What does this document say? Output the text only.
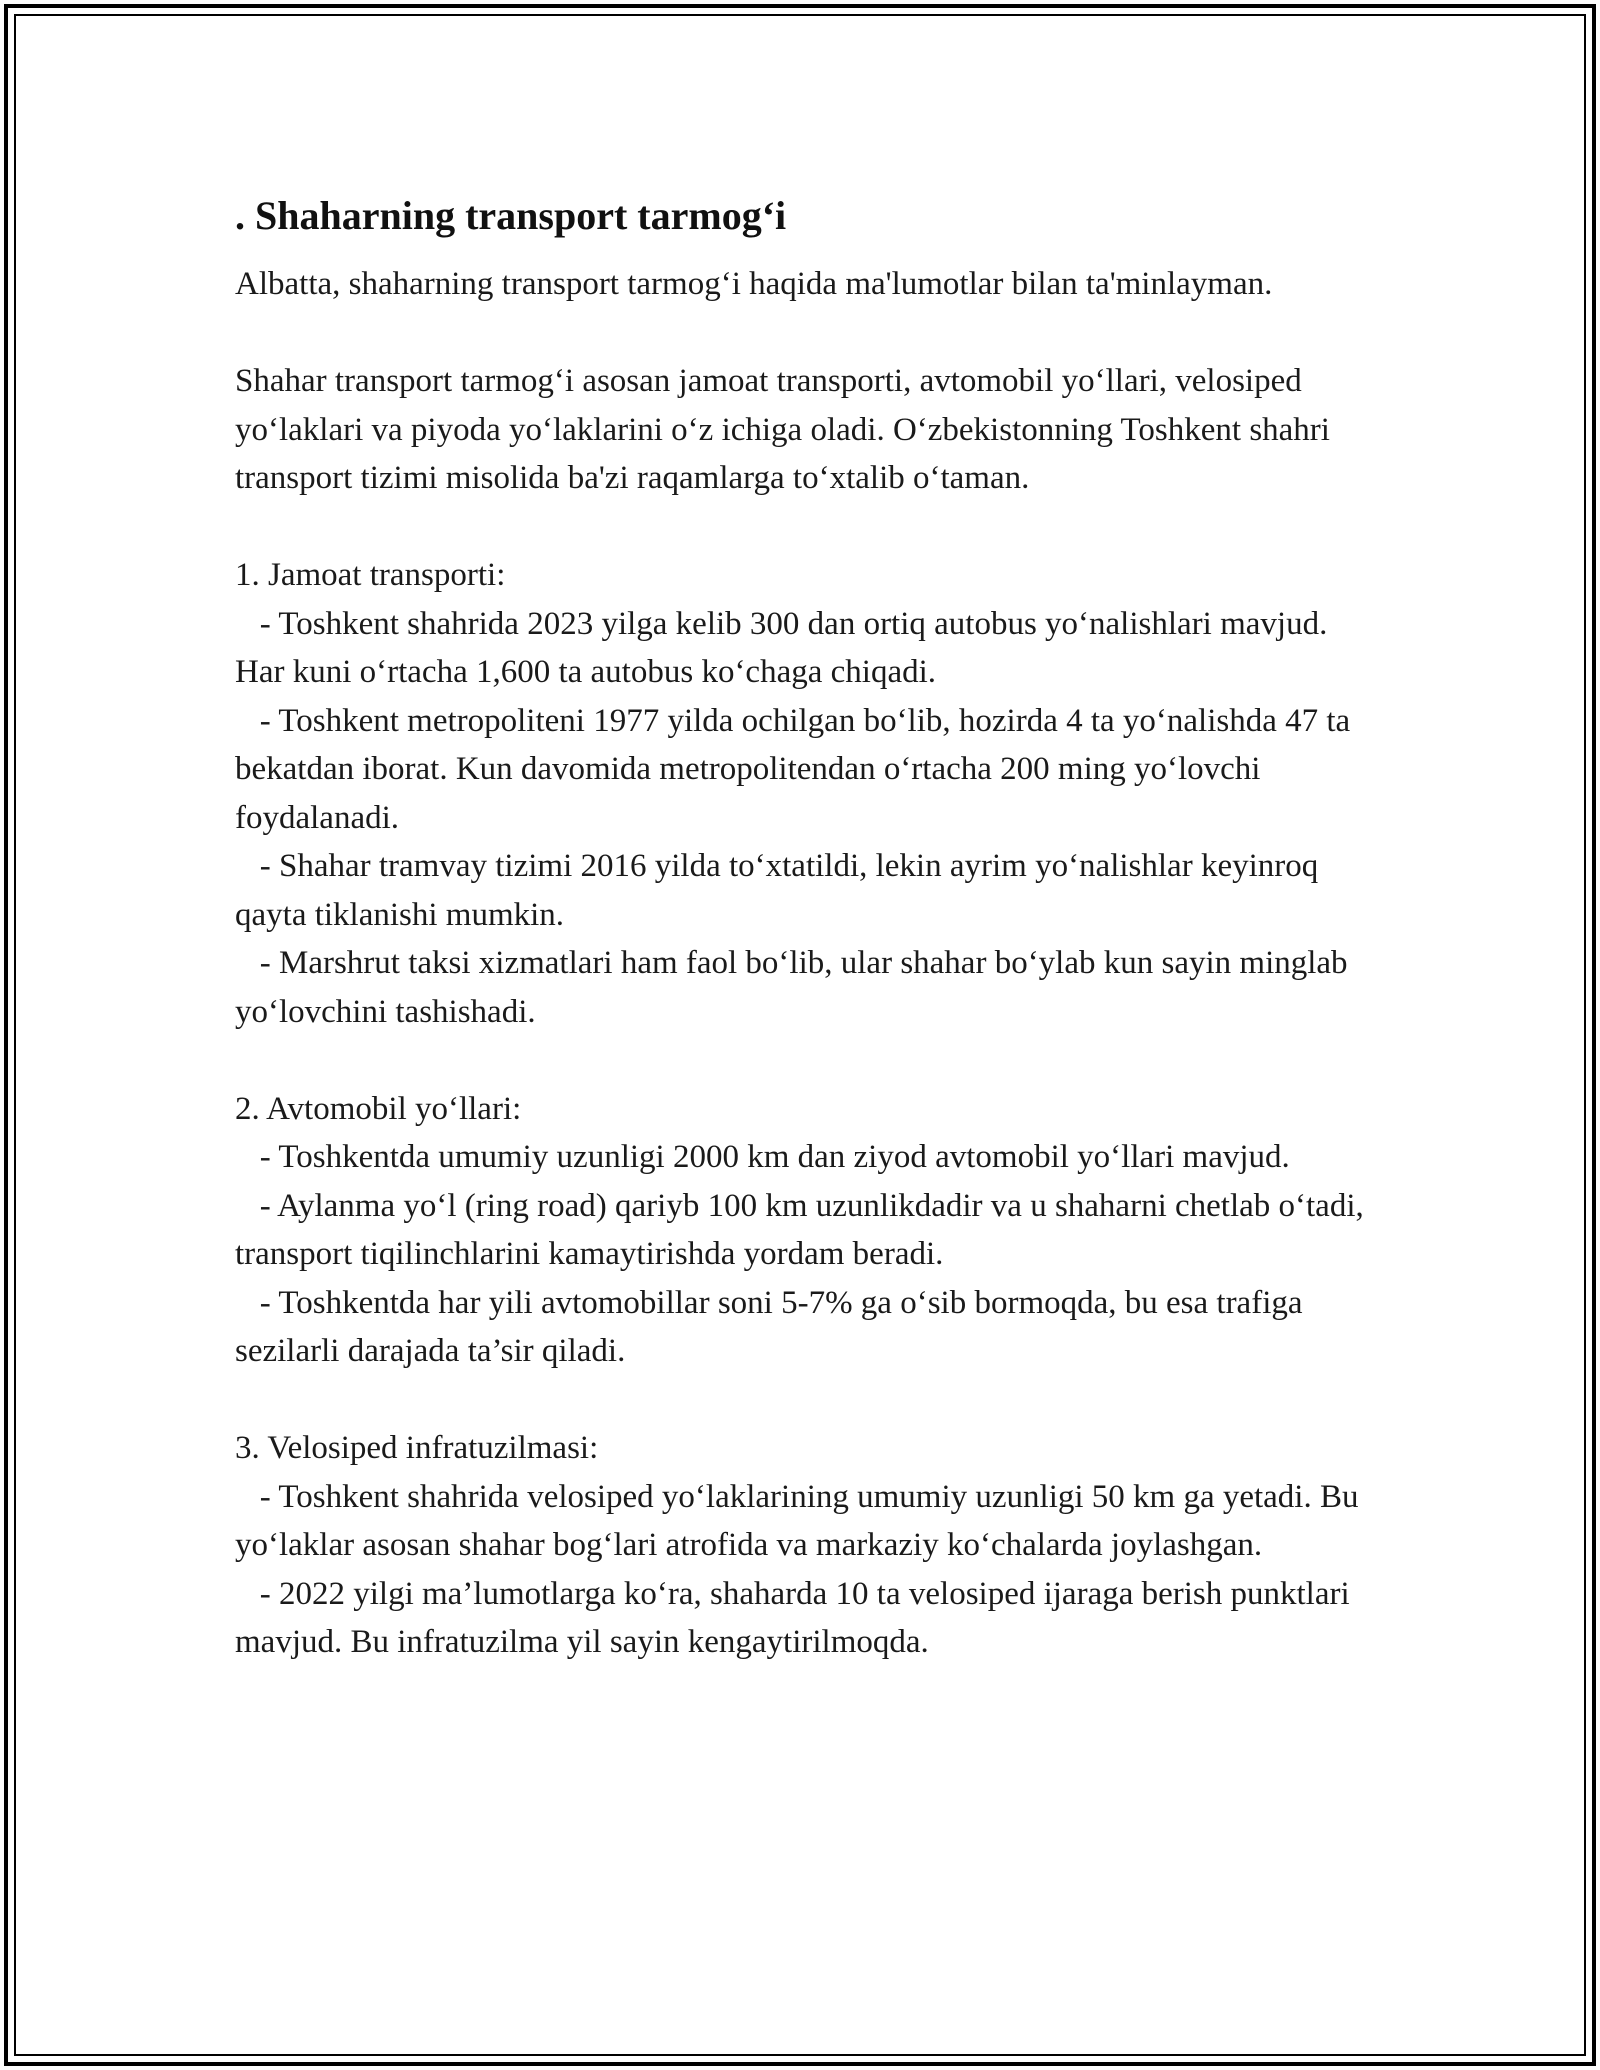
. Shaharning transport tarmog‘i

Albatta, shaharning transport tarmog‘i haqida ma'lumotlar bilan ta'minlayman.

Shahar transport tarmog‘i asosan jamoat transporti, avtomobil yo‘llari, velosiped yo‘laklari va piyoda yo‘laklarini o‘z ichiga oladi. O‘zbekistonning Toshkent shahri transport tizimi misolida ba'zi raqamlarga to‘xtalib o‘taman.

1. Jamoat transporti:

- Toshkent shahrida 2023 yilga kelib 300 dan ortiq autobus yo‘nalishlari mavjud. Har kuni o‘rtacha 1,600 ta autobus ko‘chaga chiqadi.

- Toshkent metropoliteni 1977 yilda ochilgan bo‘lib, hozirda 4 ta yo‘nalishda 47 ta bekatdan iborat. Kun davomida metropolitendan o‘rtacha 200 ming yo‘lovchi foydalanadi.

- Shahar tramvay tizimi 2016 yilda to‘xtatildi, lekin ayrim yo‘nalishlar keyinroq qayta tiklanishi mumkin.

- Marshrut taksi xizmatlari ham faol bo‘lib, ular shahar bo‘ylab kun sayin minglab yo‘lovchini tashishadi.

2. Avtomobil yo‘llari:

- Toshkentda umumiy uzunligi 2000 km dan ziyod avtomobil yo‘llari mavjud.

- Aylanma yo‘l (ring road) qariyb 100 km uzunlikdadir va u shaharni chetlab o‘tadi, transport tiqilinchlarini kamaytirishda yordam beradi.

- Toshkentda har yili avtomobillar soni 5-7% ga o‘sib bormoqda, bu esa trafiga sezilarli darajada ta’sir qiladi.

3. Velosiped infratuzilmasi:

- Toshkent shahrida velosiped yo‘laklarining umumiy uzunligi 50 km ga yetadi. Bu yo‘laklar asosan shahar bog‘lari atrofida va markaziy ko‘chalarda joylashgan.

- 2022 yilgi ma’lumotlarga ko‘ra, shaharda 10 ta velosiped ijaraga berish punktlari mavjud. Bu infratuzilma yil sayin kengaytirilmoqda.
